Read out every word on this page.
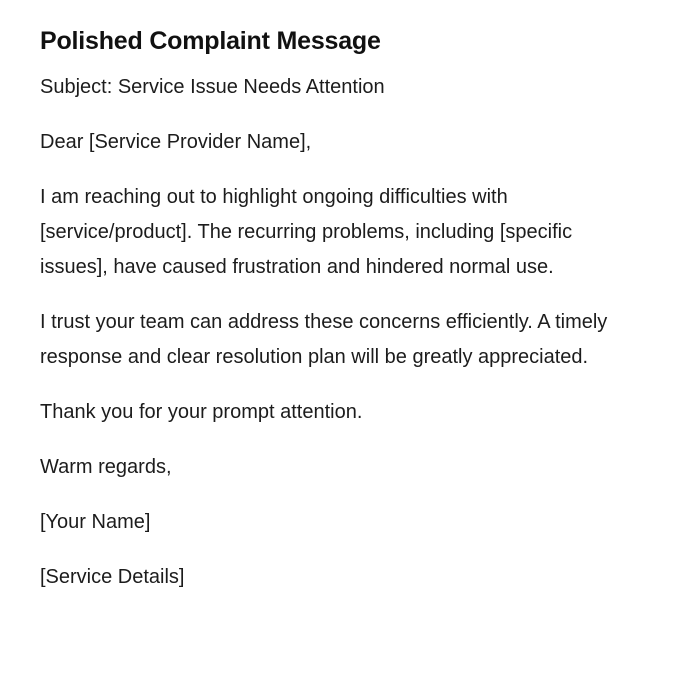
Polished Complaint Message
Subject: Service Issue Needs Attention
Dear [Service Provider Name],
I am reaching out to highlight ongoing difficulties with [service/product]. The recurring problems, including [specific issues], have caused frustration and hindered normal use.
I trust your team can address these concerns efficiently. A timely response and clear resolution plan will be greatly appreciated.
Thank you for your prompt attention.
Warm regards,
[Your Name]
[Service Details]
